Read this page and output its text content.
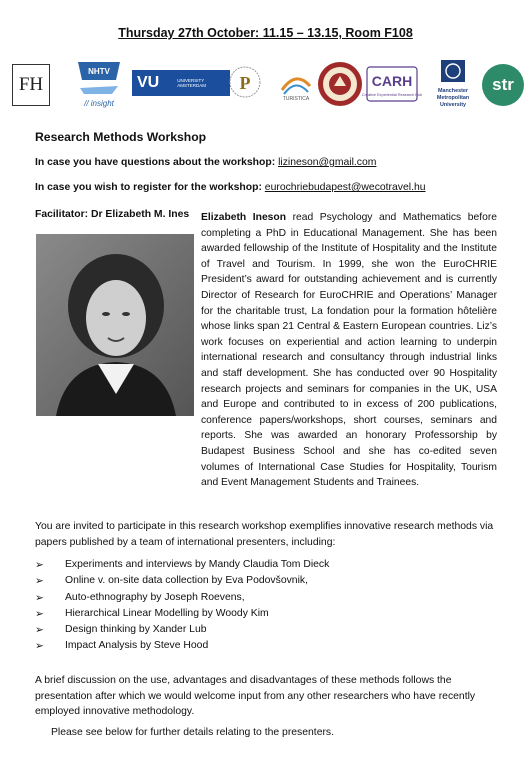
Thursday 27th October: 11.15 – 13.15, Room F108
FH
NHTV
// insight
VU	UNIVERSITY AMSTERDAM	P
TURISTICA
CARH
Creative Experiential Research Hub
Manchester
Metropolitan
University
str
Research Methods Workshop
In case you have questions about the workshop: lizineson@gmail.com
In case you wish to register for the workshop: eurochriebudapest@wecotravel.hu
Facilitator: Dr Elizabeth M. Ines Elizabeth Ineson read Psychology and Mathematics before completing a PhD in Educational Management. She has been awarded fellowship of the Institute of Hospitality and the Institute of Travel and Tourism. In 1999, she won the EuroCHRIE President’s award for outstanding achievement and is currently Director of Research for EuroCHRIE and Operations’ Manager for the charitable trust, La fondation pour la formation hôtelière whose links span 21 Central & Eastern European countries. Liz’s work focuses on experiential and action learning to underpin international research and consultancy through industrial links and staff development. She has conducted over 90 Hospitality research projects and seminars for companies in the UK, USA and Europe and contributed to in excess of 200 publications, conference papers/workshops, short courses, seminars and reports. She was awarded an honorary Professorship by Budapest Business School and she has co-edited seven volumes of International Case Studies for Hospitality, Tourism and Event Management Students and Trainees.
You are invited to participate in this research workshop exemplifies innovative research methods via papers published by a team of international presenters, including:
➢	Experiments and interviews by Mandy Claudia Tom Dieck
➢	Online v. on-site data collection by Eva Podovšovnik,
➢	Auto-ethnography by Joseph Roevens,
➢	Hierarchical Linear Modelling by Woody Kim
➢	Design thinking by Xander Lub
➢	Impact Analysis by Steve Hood
A brief discussion on the use, advantages and disadvantages of these methods follows the presentation after which we would welcome input from any other researchers who have recently employed innovative methodology.
Please see below for further details relating to the presenters.
